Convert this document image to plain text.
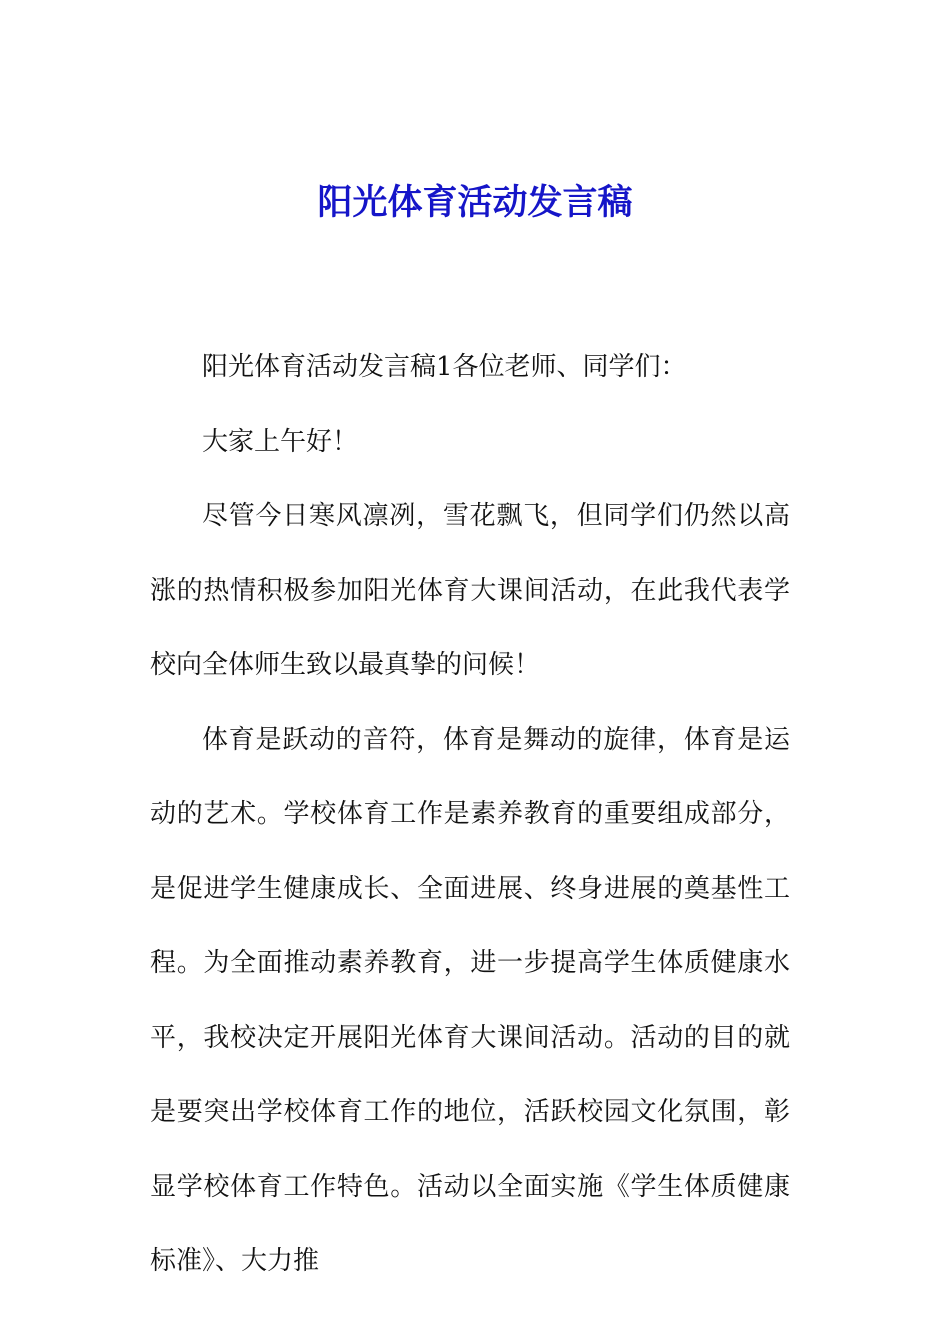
阳光体育活动发言稿

阳光体育活动发言稿1各位老师、同学们：

大家上午好！

尽管今日寒风凛冽，雪花飘飞，但同学们仍然以高涨的热情积极参加阳光体育大课间活动，在此我代表学校向全体师生致以最真挚的问候！

体育是跃动的音符，体育是舞动的旋律，体育是运动的艺术。学校体育工作是素养教育的重要组成部分，是促进学生健康成长、全面进展、终身进展的奠基性工程。为全面推动素养教育，进一步提高学生体质健康水平，我校决定开展阳光体育大课间活动。活动的目的就是要突出学校体育工作的地位，活跃校园文化氛围，彰显学校体育工作特色。活动以全面实施《学生体质健康标准》、大力推
